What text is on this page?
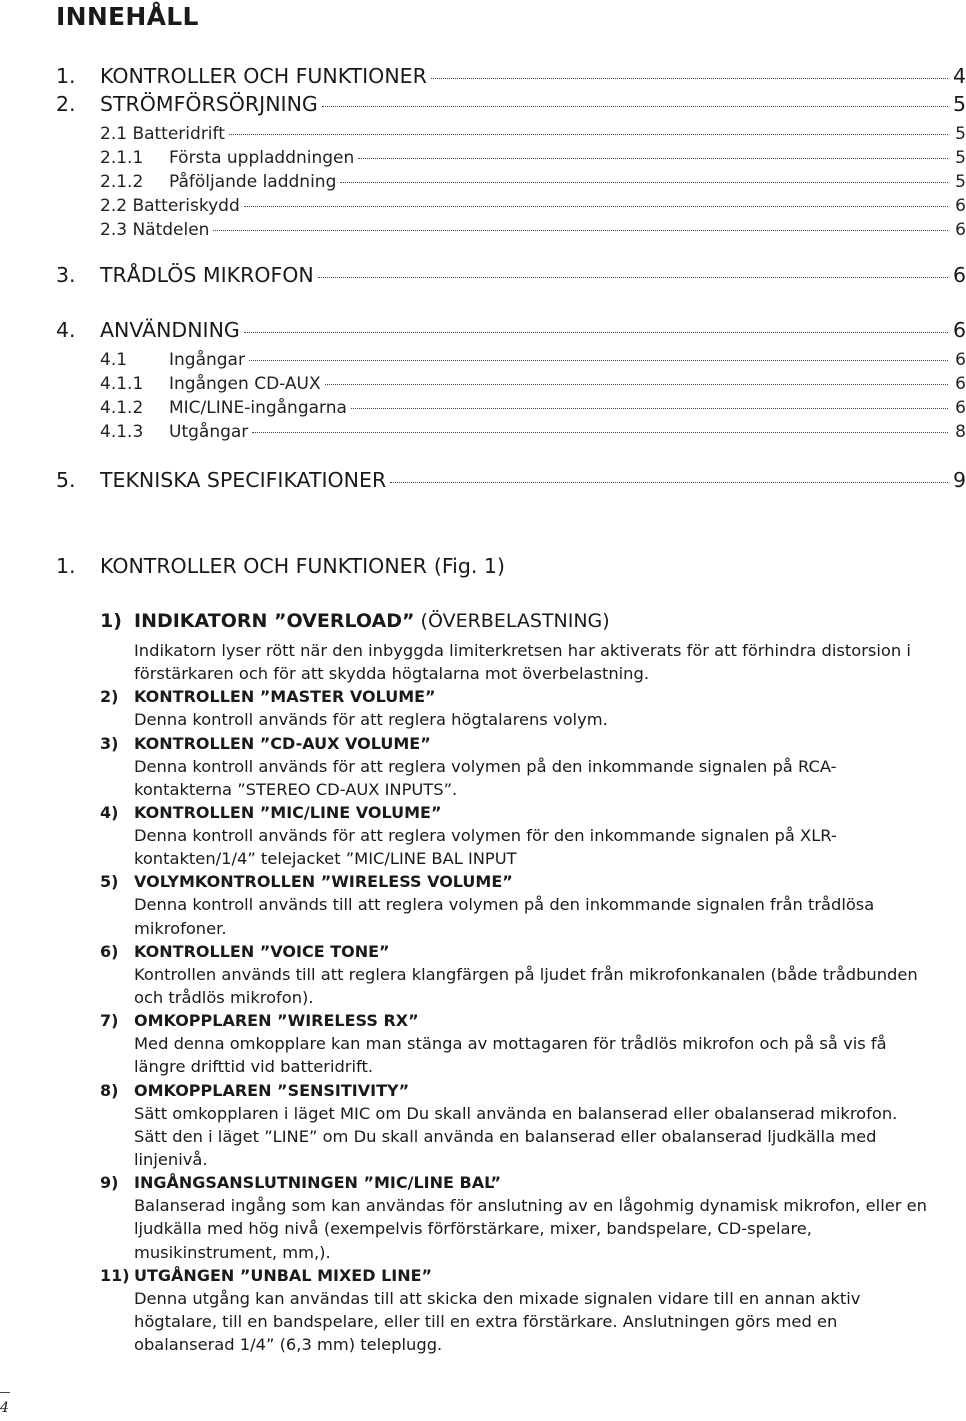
INNEHÅLL
1.	KONTROLLER OCH FUNKTIONER	4
2.	STRÖMFÖRSÖRJNING	5
2.1 Batteridrift	5
2.1.1	Första uppladdningen	5
2.1.2	Påföljande laddning	5
2.2 Batteriskydd	6
2.3 Nätdelen	6
3.	TRÅDLÖS MIKROFON	6
4.	ANVÄNDNING	6
4.1	Ingångar	6
4.1.1	Ingången CD-AUX	6
4.1.2	MIC/LINE-ingångarna	6
4.1.3	Utgångar	8
5.	TEKNISKA SPECIFIKATIONER	9
1.	KONTROLLER OCH FUNKTIONER (Fig. 1)
1) INDIKATORN ”OVERLOAD” (ÖVERBELASTNING)
Indikatorn lyser rött när den inbyggda limiterkretsen har aktiverats för att förhindra distorsion i förstärkaren och för att skydda högtalarna mot överbelastning.
2) KONTROLLEN ”MASTER VOLUME”
Denna kontroll används för att reglera högtalarens volym.
3) KONTROLLEN ”CD-AUX VOLUME”
Denna kontroll används för att reglera volymen på den inkommande signalen på RCA-kontakterna ”STEREO CD-AUX INPUTS”.
4) KONTROLLEN ”MIC/LINE VOLUME”
Denna kontroll används för att reglera volymen för den inkommande signalen på XLR-kontakten/1/4” telejacket ”MIC/LINE BAL INPUT
5) VOLYMKONTROLLEN ”WIRELESS VOLUME”
Denna kontroll används till att reglera volymen på den inkommande signalen från trådlösa mikrofoner.
6) KONTROLLEN ”VOICE TONE”
Kontrollen används till att reglera klangfärgen på ljudet från mikrofonkanalen (både trådbunden och trådlös mikrofon).
7) OMKOPPLAREN ”WIRELESS RX”
Med denna omkopplare kan man stänga av mottagaren för trådlös mikrofon och på så vis få längre drifttid vid batteridrift.
8) OMKOPPLAREN ”SENSITIVITY”
Sätt omkopplaren i läget MIC om Du skall använda en balanserad eller obalanserad mikrofon. Sätt den i läget ”LINE” om Du skall använda en balanserad eller obalanserad ljudkälla med linjenivå.
9) INGÅNGSANSLUTNINGEN ”MIC/LINE BAL”
Balanserad ingång som kan användas för anslutning av en lågohmig dynamisk mikrofon, eller en ljudkälla med hög nivå (exempelvis förförstärkare, mixer, bandspelare, CD-spelare, musikinstrument, mm,).
11) UTGÅNGEN ”UNBAL MIXED LINE”
Denna utgång kan användas till att skicka den mixade signalen vidare till en annan aktiv högtalare, till en bandspelare, eller till en extra förstärkare. Anslutningen görs med en obalanserad 1/4” (6,3 mm) teleplugg.
4
